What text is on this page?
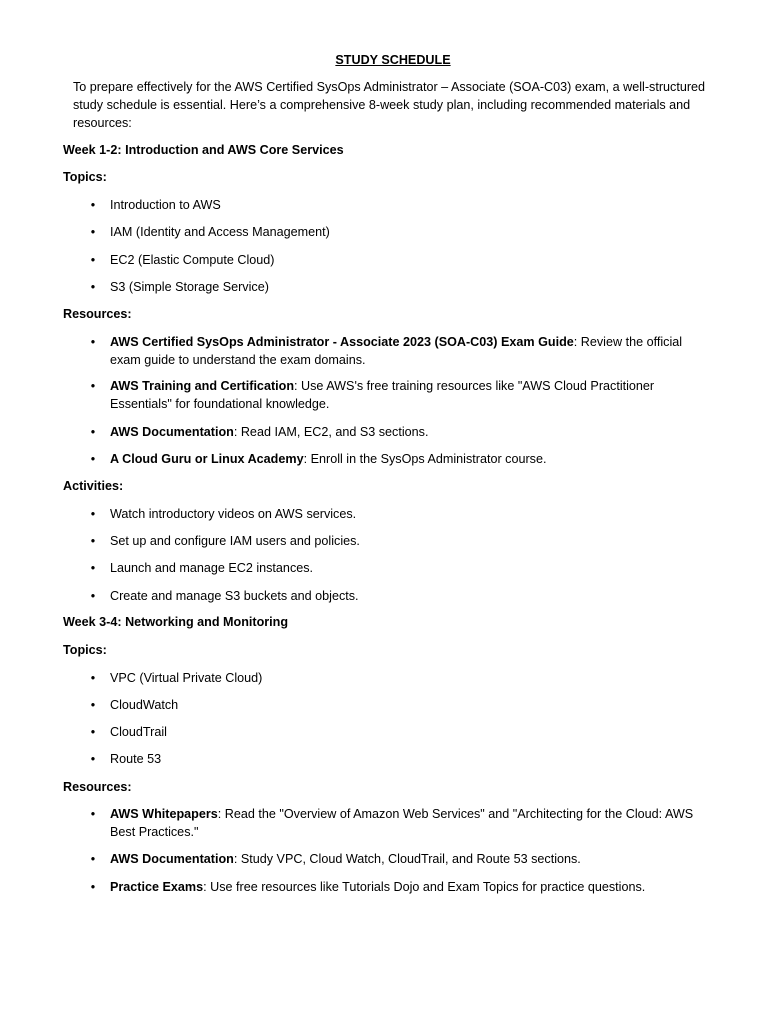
STUDY SCHEDULE
To prepare effectively for the AWS Certified SysOps Administrator – Associate (SOA-C03) exam, a well-structured study schedule is essential. Here’s a comprehensive 8-week study plan, including recommended materials and resources:
Week 1-2: Introduction and AWS Core Services
Topics:
•	Introduction to AWS
•	IAM (Identity and Access Management)
•	EC2 (Elastic Compute Cloud)
•	S3 (Simple Storage Service)
Resources:
•	AWS Certified SysOps Administrator - Associate 2023 (SOA-C03) Exam Guide: Review the official exam guide to understand the exam domains.
•	AWS Training and Certification: Use AWS's free training resources like "AWS Cloud Practitioner Essentials" for foundational knowledge.
•	AWS Documentation: Read IAM, EC2, and S3 sections.
•	A Cloud Guru or Linux Academy: Enroll in the SysOps Administrator course.
Activities:
•	Watch introductory videos on AWS services.
•	Set up and configure IAM users and policies.
•	Launch and manage EC2 instances.
•	Create and manage S3 buckets and objects.
Week 3-4: Networking and Monitoring
Topics:
•	VPC (Virtual Private Cloud)
•	CloudWatch
•	CloudTrail
•	Route 53
Resources:
•	AWS Whitepapers: Read the "Overview of Amazon Web Services" and "Architecting for the Cloud: AWS Best Practices."
•	AWS Documentation: Study VPC, Cloud Watch, CloudTrail, and Route 53 sections.
•	Practice Exams: Use free resources like Tutorials Dojo and Exam Topics for practice questions.
